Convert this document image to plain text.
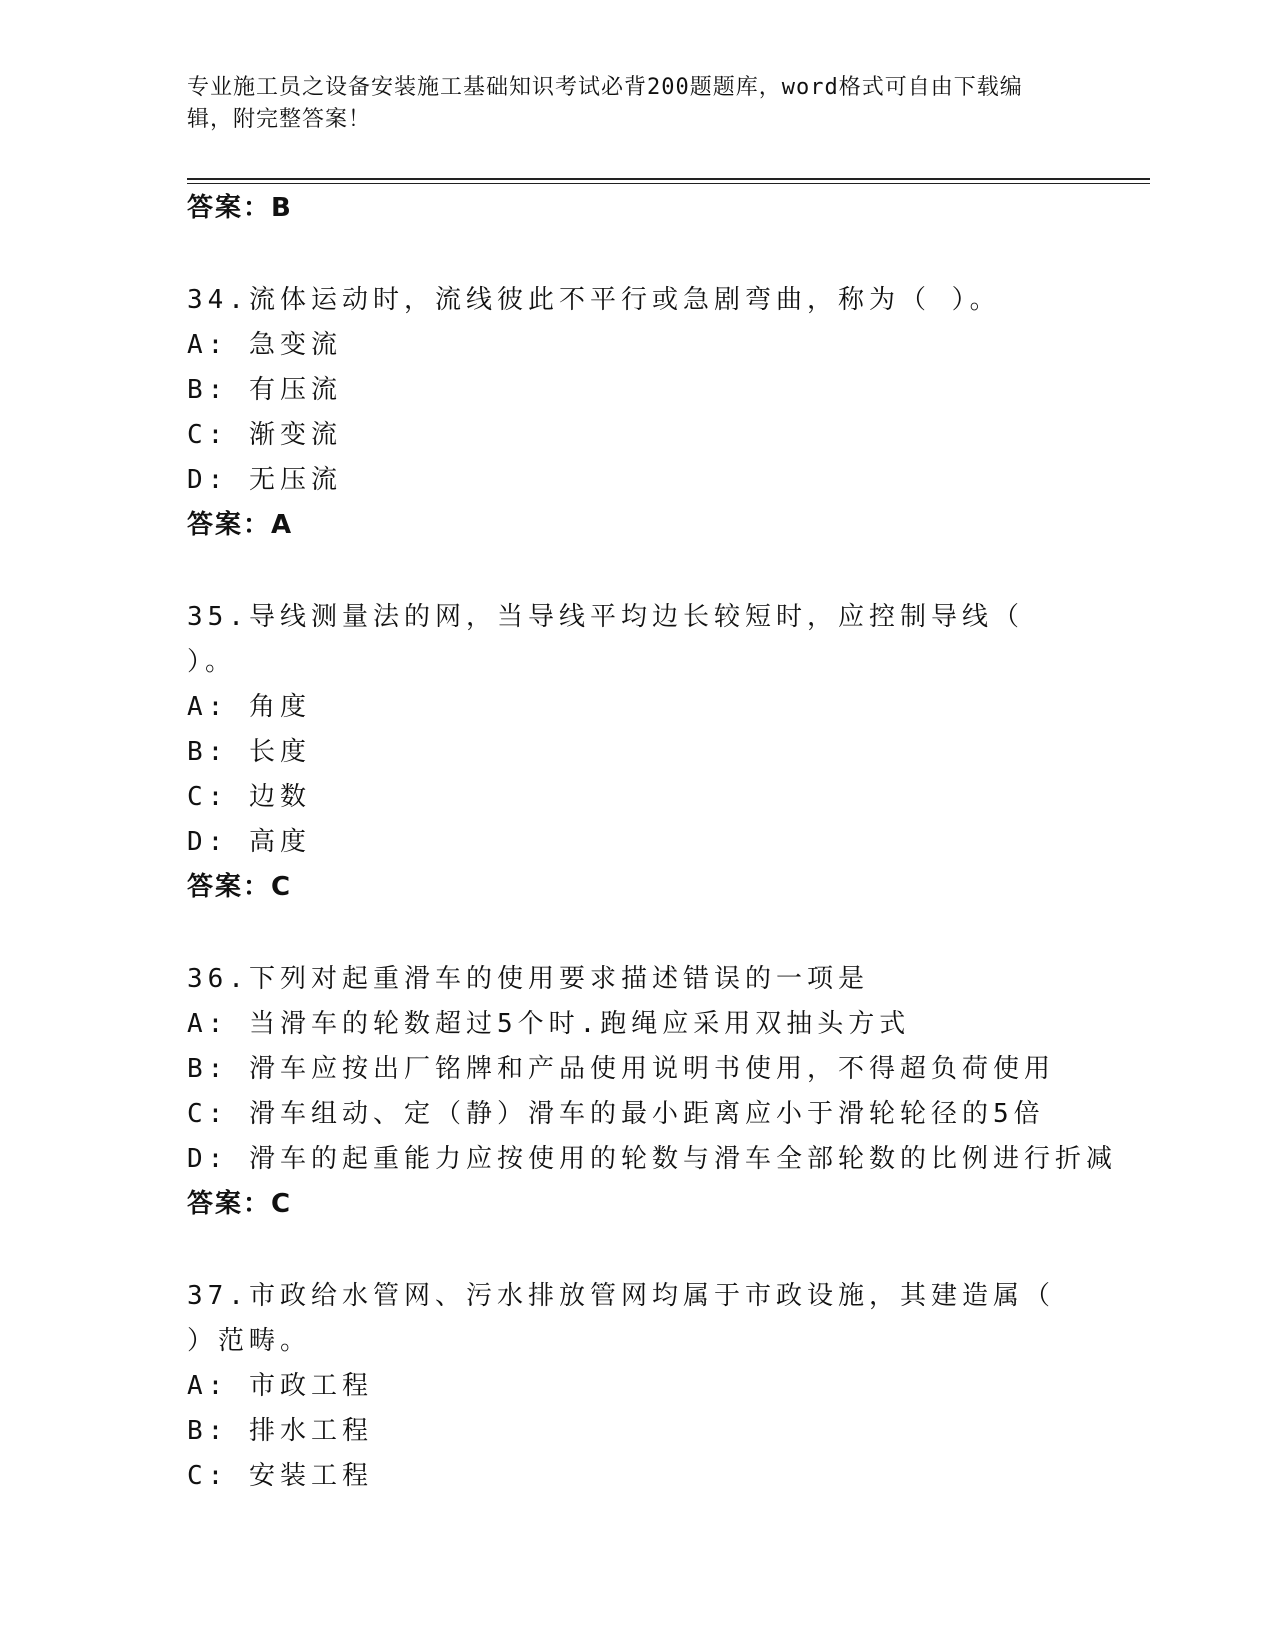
专业施工员之设备安装施工基础知识考试必背200题题库，word格式可自由下载编辑，附完整答案！
答案：B
34.流体运动时，流线彼此不平行或急剧弯曲，称为（ ）。
A: 急变流
B: 有压流
C: 渐变流
D: 无压流
答案：A
35.导线测量法的网，当导线平均边长较短时，应控制导线（ ）。
A: 角度
B: 长度
C: 边数
D: 高度
答案：C
36.下列对起重滑车的使用要求描述错误的一项是
A: 当滑车的轮数超过5个时.跑绳应采用双抽头方式
B: 滑车应按出厂铭牌和产品使用说明书使用，不得超负荷使用
C: 滑车组动、定（静）滑车的最小距离应小于滑轮轮径的5倍
D: 滑车的起重能力应按使用的轮数与滑车全部轮数的比例进行折减
答案：C
37.市政给水管网、污水排放管网均属于市政设施，其建造属（ ）范畴。
A: 市政工程
B: 排水工程
C: 安装工程
